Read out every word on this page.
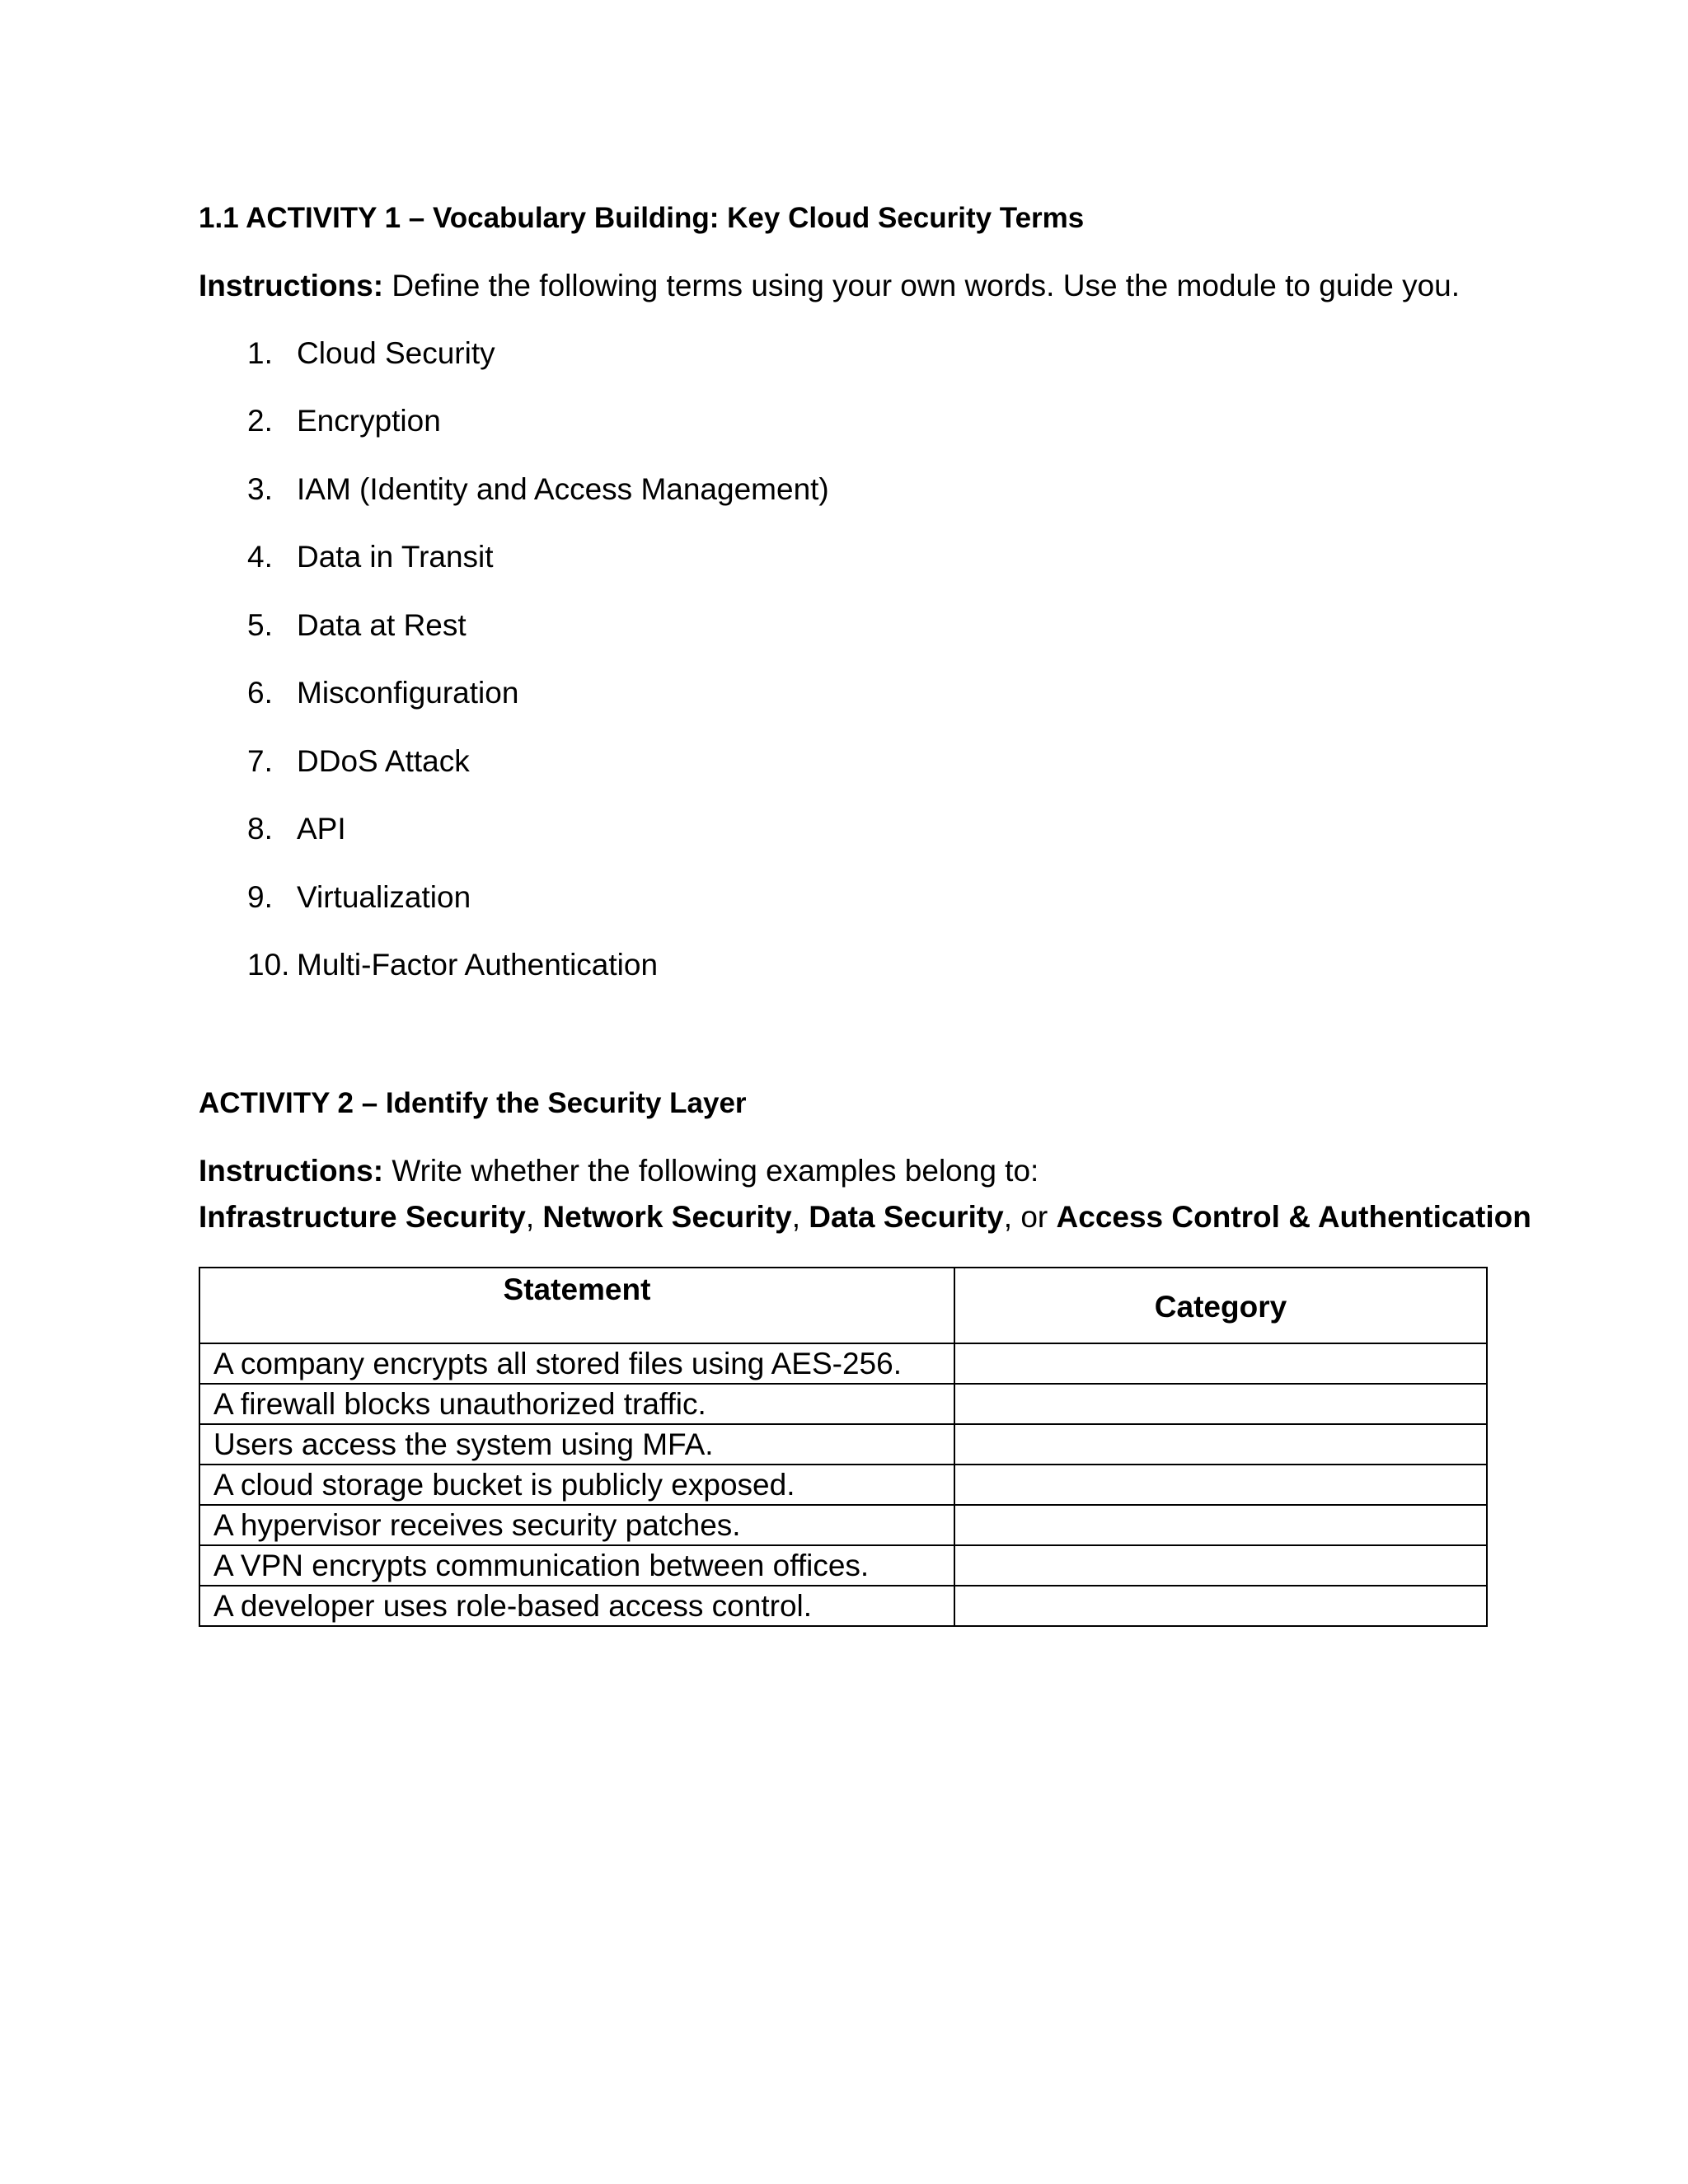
1.1 ACTIVITY 1 – Vocabulary Building: Key Cloud Security Terms
Instructions: Define the following terms using your own words. Use the module to guide you.
1. Cloud Security
2. Encryption
3. IAM (Identity and Access Management)
4. Data in Transit
5. Data at Rest
6. Misconfiguration
7. DDoS Attack
8. API
9. Virtualization
10. Multi-Factor Authentication
ACTIVITY 2 – Identify the Security Layer
Instructions: Write whether the following examples belong to:
Infrastructure Security, Network Security, Data Security, or Access Control & Authentication
Statement	Category
A company encrypts all stored files using AES-256.	
A firewall blocks unauthorized traffic.	
Users access the system using MFA.	
A cloud storage bucket is publicly exposed.	
A hypervisor receives security patches.	
A VPN encrypts communication between offices.	
A developer uses role-based access control.	
